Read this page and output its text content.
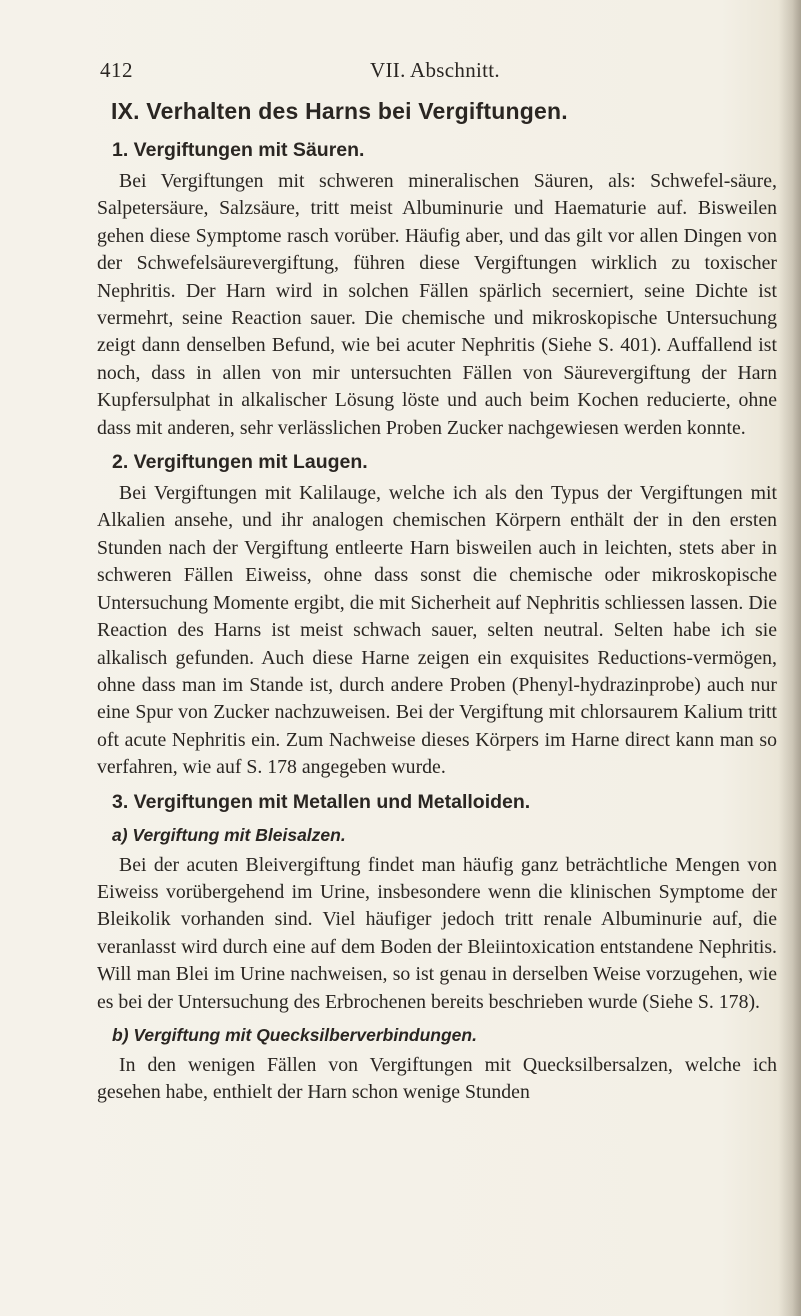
412	VII. Abschnitt.
IX. Verhalten des Harns bei Vergiftungen.
1. Vergiftungen mit Säuren.

Bei Vergiftungen mit schweren mineralischen Säuren, als: Schwefel-säure, Salpetersäure, Salzsäure, tritt meist Albuminurie und Haematurie auf. Bisweilen gehen diese Symptome rasch vorüber. Häufig aber, und das gilt vor allen Dingen von der Schwefelsäurevergiftung, führen diese Vergiftungen wirklich zu toxischer Nephritis. Der Harn wird in solchen Fällen spärlich secerniert, seine Dichte ist vermehrt, seine Reaction sauer. Die chemische und mikroskopische Untersuchung zeigt dann denselben Befund, wie bei acuter Nephritis (Siehe S. 401). Auffallend ist noch, dass in allen von mir untersuchten Fällen von Säurevergiftung der Harn Kupfersulphat in alkalischer Lösung löste und auch beim Kochen reducierte, ohne dass mit anderen, sehr verlässlichen Proben Zucker nachgewiesen werden konnte.

2. Vergiftungen mit Laugen.

Bei Vergiftungen mit Kalilauge, welche ich als den Typus der Vergiftungen mit Alkalien ansehe, und ihr analogen chemischen Körpern enthält der in den ersten Stunden nach der Vergiftung entleerte Harn bisweilen auch in leichten, stets aber in schweren Fällen Eiweiss, ohne dass sonst die chemische oder mikroskopische Untersuchung Momente ergibt, die mit Sicherheit auf Nephritis schliessen lassen. Die Reaction des Harns ist meist schwach sauer, selten neutral. Selten habe ich sie alkalisch gefunden. Auch diese Harne zeigen ein exquisites Reductions-vermögen, ohne dass man im Stande ist, durch andere Proben (Phenyl-hydrazinprobe) auch nur eine Spur von Zucker nachzuweisen. Bei der Vergiftung mit chlorsaurem Kalium tritt oft acute Nephritis ein. Zum Nachweise dieses Körpers im Harne direct kann man so verfahren, wie auf S. 178 angegeben wurde.

3. Vergiftungen mit Metallen und Metalloiden.
a) Vergiftung mit Bleisalzen.

Bei der acuten Bleivergiftung findet man häufig ganz beträchtliche Mengen von Eiweiss vorübergehend im Urine, insbesondere wenn die klinischen Symptome der Bleikolik vorhanden sind. Viel häufiger jedoch tritt renale Albuminurie auf, die veranlasst wird durch eine auf dem Boden der Bleiintoxication entstandene Nephritis. Will man Blei im Urine nachweisen, so ist genau in derselben Weise vorzugehen, wie es bei der Untersuchung des Erbrochenen bereits beschrieben wurde (Siehe S. 178).

b) Vergiftung mit Quecksilberverbindungen.

In den wenigen Fällen von Vergiftungen mit Quecksilbersalzen, welche ich gesehen habe, enthielt der Harn schon wenige Stunden
